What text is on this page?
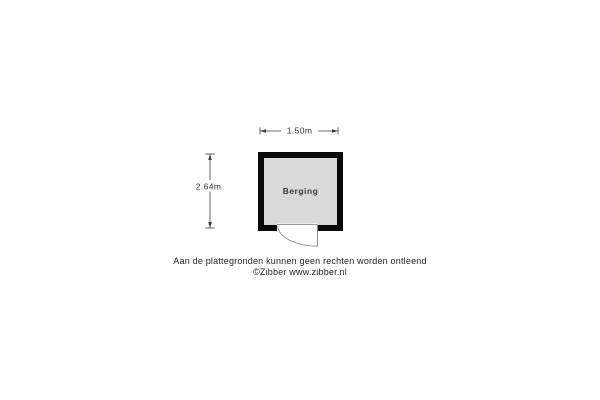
1.50m
2.64m	Berging
Aan de plattegronden kunnen geen rechten worden ontleend
©Zibber www.zibber.nl
